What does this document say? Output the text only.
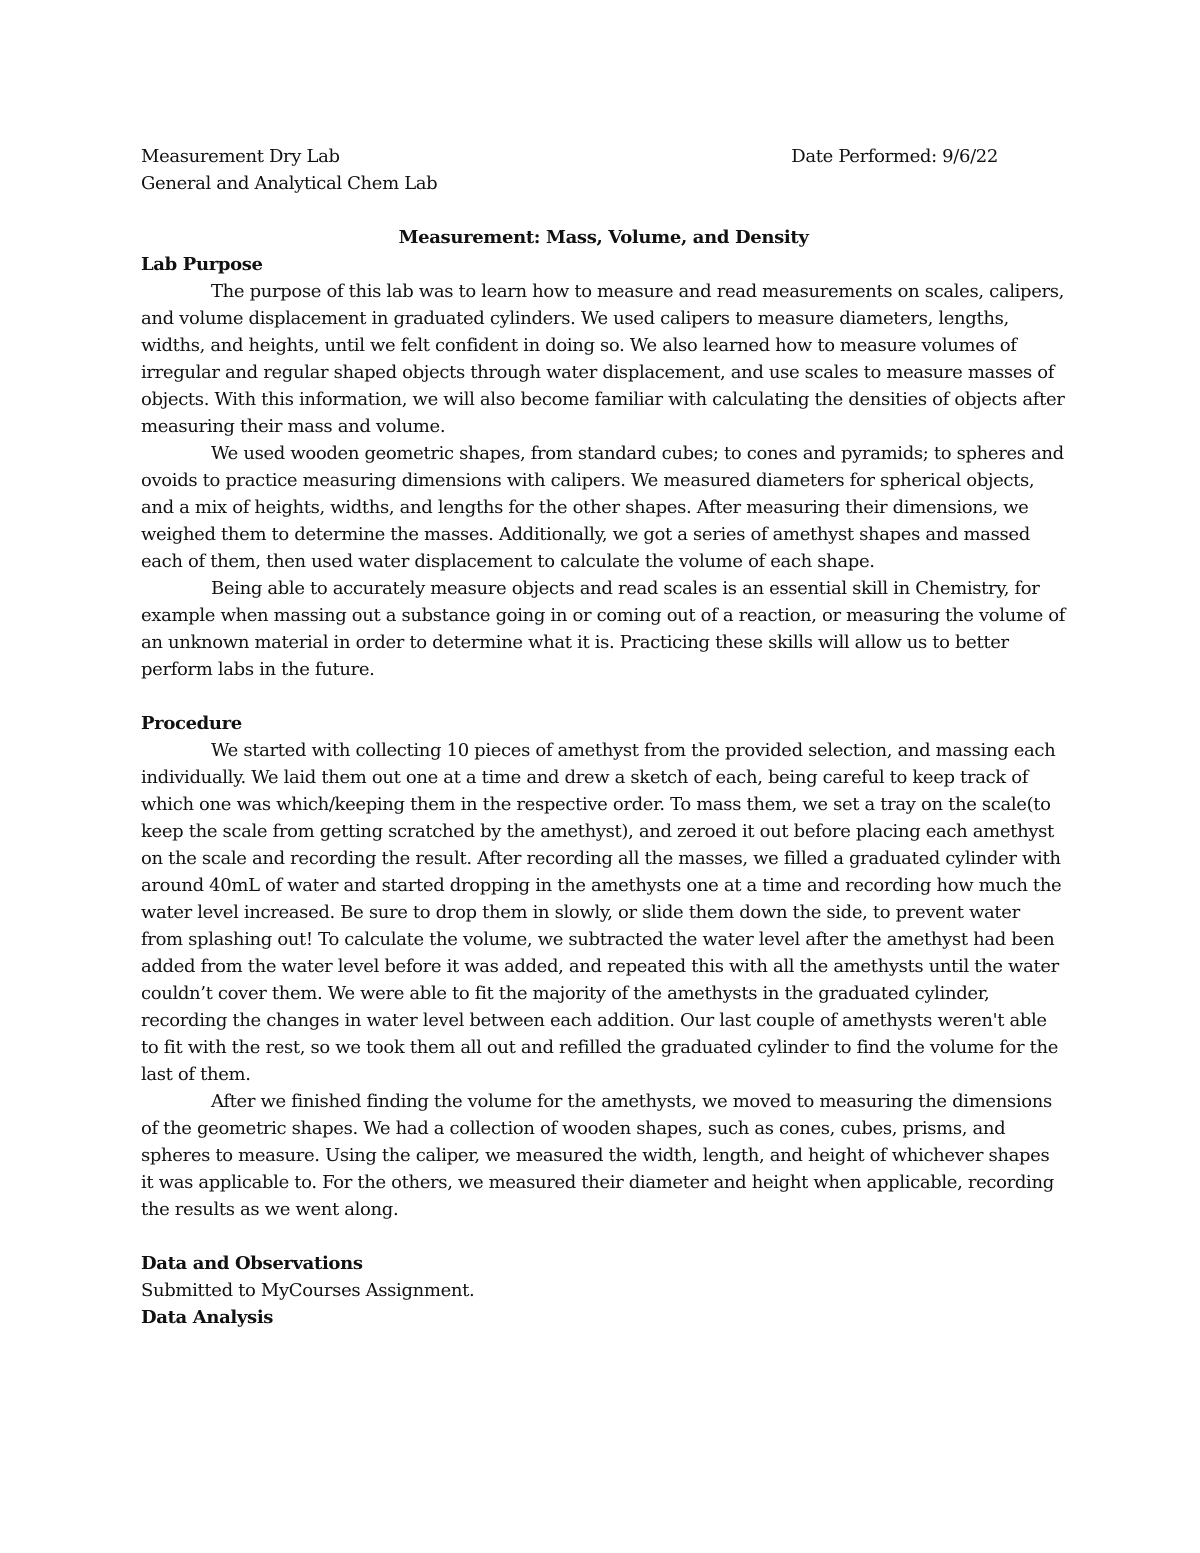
Measurement Dry Lab	Date Performed: 9/6/22
General and Analytical Chem Lab
Measurement: Mass, Volume, and Density
Lab Purpose

The purpose of this lab was to learn how to measure and read measurements on scales, calipers, and volume displacement in graduated cylinders. We used calipers to measure diameters, lengths, widths, and heights, until we felt confident in doing so. We also learned how to measure volumes of irregular and regular shaped objects through water displacement, and use scales to measure masses of objects. With this information, we will also become familiar with calculating the densities of objects after measuring their mass and volume.

We used wooden geometric shapes, from standard cubes; to cones and pyramids; to spheres and ovoids to practice measuring dimensions with calipers. We measured diameters for spherical objects, and a mix of heights, widths, and lengths for the other shapes. After measuring their dimensions, we weighed them to determine the masses. Additionally, we got a series of amethyst shapes and massed each of them, then used water displacement to calculate the volume of each shape.

Being able to accurately measure objects and read scales is an essential skill in Chemistry, for example when massing out a substance going in or coming out of a reaction, or measuring the volume of an unknown material in order to determine what it is. Practicing these skills will allow us to better perform labs in the future.

Procedure

We started with collecting 10 pieces of amethyst from the provided selection, and massing each individually. We laid them out one at a time and drew a sketch of each, being careful to keep track of which one was which/keeping them in the respective order. To mass them, we set a tray on the scale(to keep the scale from getting scratched by the amethyst), and zeroed it out before placing each amethyst on the scale and recording the result. After recording all the masses, we filled a graduated cylinder with around 40mL of water and started dropping in the amethysts one at a time and recording how much the water level increased. Be sure to drop them in slowly, or slide them down the side, to prevent water from splashing out! To calculate the volume, we subtracted the water level after the amethyst had been added from the water level before it was added, and repeated this with all the amethysts until the water couldn’t cover them. We were able to fit the majority of the amethysts in the graduated cylinder, recording the changes in water level between each addition. Our last couple of amethysts weren't able to fit with the rest, so we took them all out and refilled the graduated cylinder to find the volume for the last of them.

After we finished finding the volume for the amethysts, we moved to measuring the dimensions of the geometric shapes. We had a collection of wooden shapes, such as cones, cubes, prisms, and spheres to measure. Using the caliper, we measured the width, length, and height of whichever shapes it was applicable to. For the others, we measured their diameter and height when applicable, recording the results as we went along.

Data and Observations

Submitted to MyCourses Assignment.

Data Analysis
